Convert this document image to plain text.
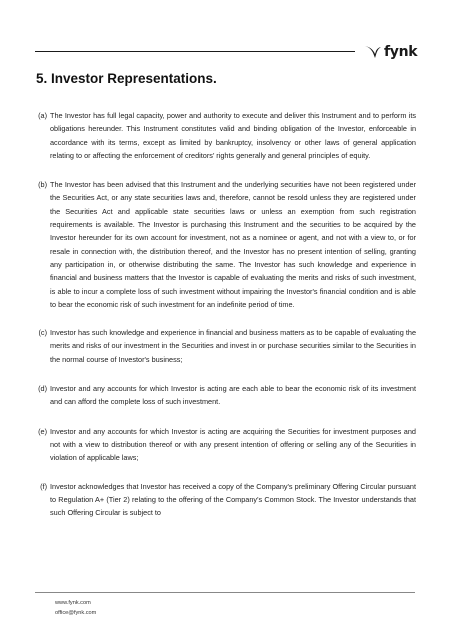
fynk
5. Investor Representations.
(a) The Investor has full legal capacity, power and authority to execute and deliver this Instrument and to perform its obligations hereunder. This Instrument constitutes valid and binding obligation of the Investor, enforceable in accordance with its terms, except as limited by bankruptcy, insolvency or other laws of general application relating to or affecting the enforcement of creditors’ rights generally and general principles of equity.
(b) The Investor has been advised that this Instrument and the underlying securities have not been registered under the Securities Act, or any state securities laws and, therefore, cannot be resold unless they are registered under the Securities Act and applicable state securities laws or unless an exemption from such registration requirements is available. The Investor is purchasing this Instrument and the securities to be acquired by the Investor hereunder for its own account for investment, not as a nominee or agent, and not with a view to, or for resale in connection with, the distribution thereof, and the Investor has no present intention of selling, granting any participation in, or otherwise distributing the same. The Investor has such knowledge and experience in financial and business matters that the Investor is capable of evaluating the merits and risks of such investment, is able to incur a complete loss of such investment without impairing the Investor's financial condition and is able to bear the economic risk of such investment for an indefinite period of time.
(c) Investor has such knowledge and experience in financial and business matters as to be capable of evaluating the merits and risks of our investment in the Securities and invest in or purchase securities similar to the Securities in the normal course of Investor's business;
(d) Investor and any accounts for which Investor is acting are each able to bear the economic risk of its investment and can afford the complete loss of such investment.
(e) Investor and any accounts for which Investor is acting are acquiring the Securities for investment purposes and not with a view to distribution thereof or with any present intention of offering or selling any of the Securities in violation of applicable laws;
(f) Investor acknowledges that Investor has received a copy of the Company's preliminary Offering Circular pursuant to Regulation A+ (Tier 2) relating to the offering of the Company's Common Stock. The Investor understands that such Offering Circular is subject to
www.fynk.com
office@fynk.com
